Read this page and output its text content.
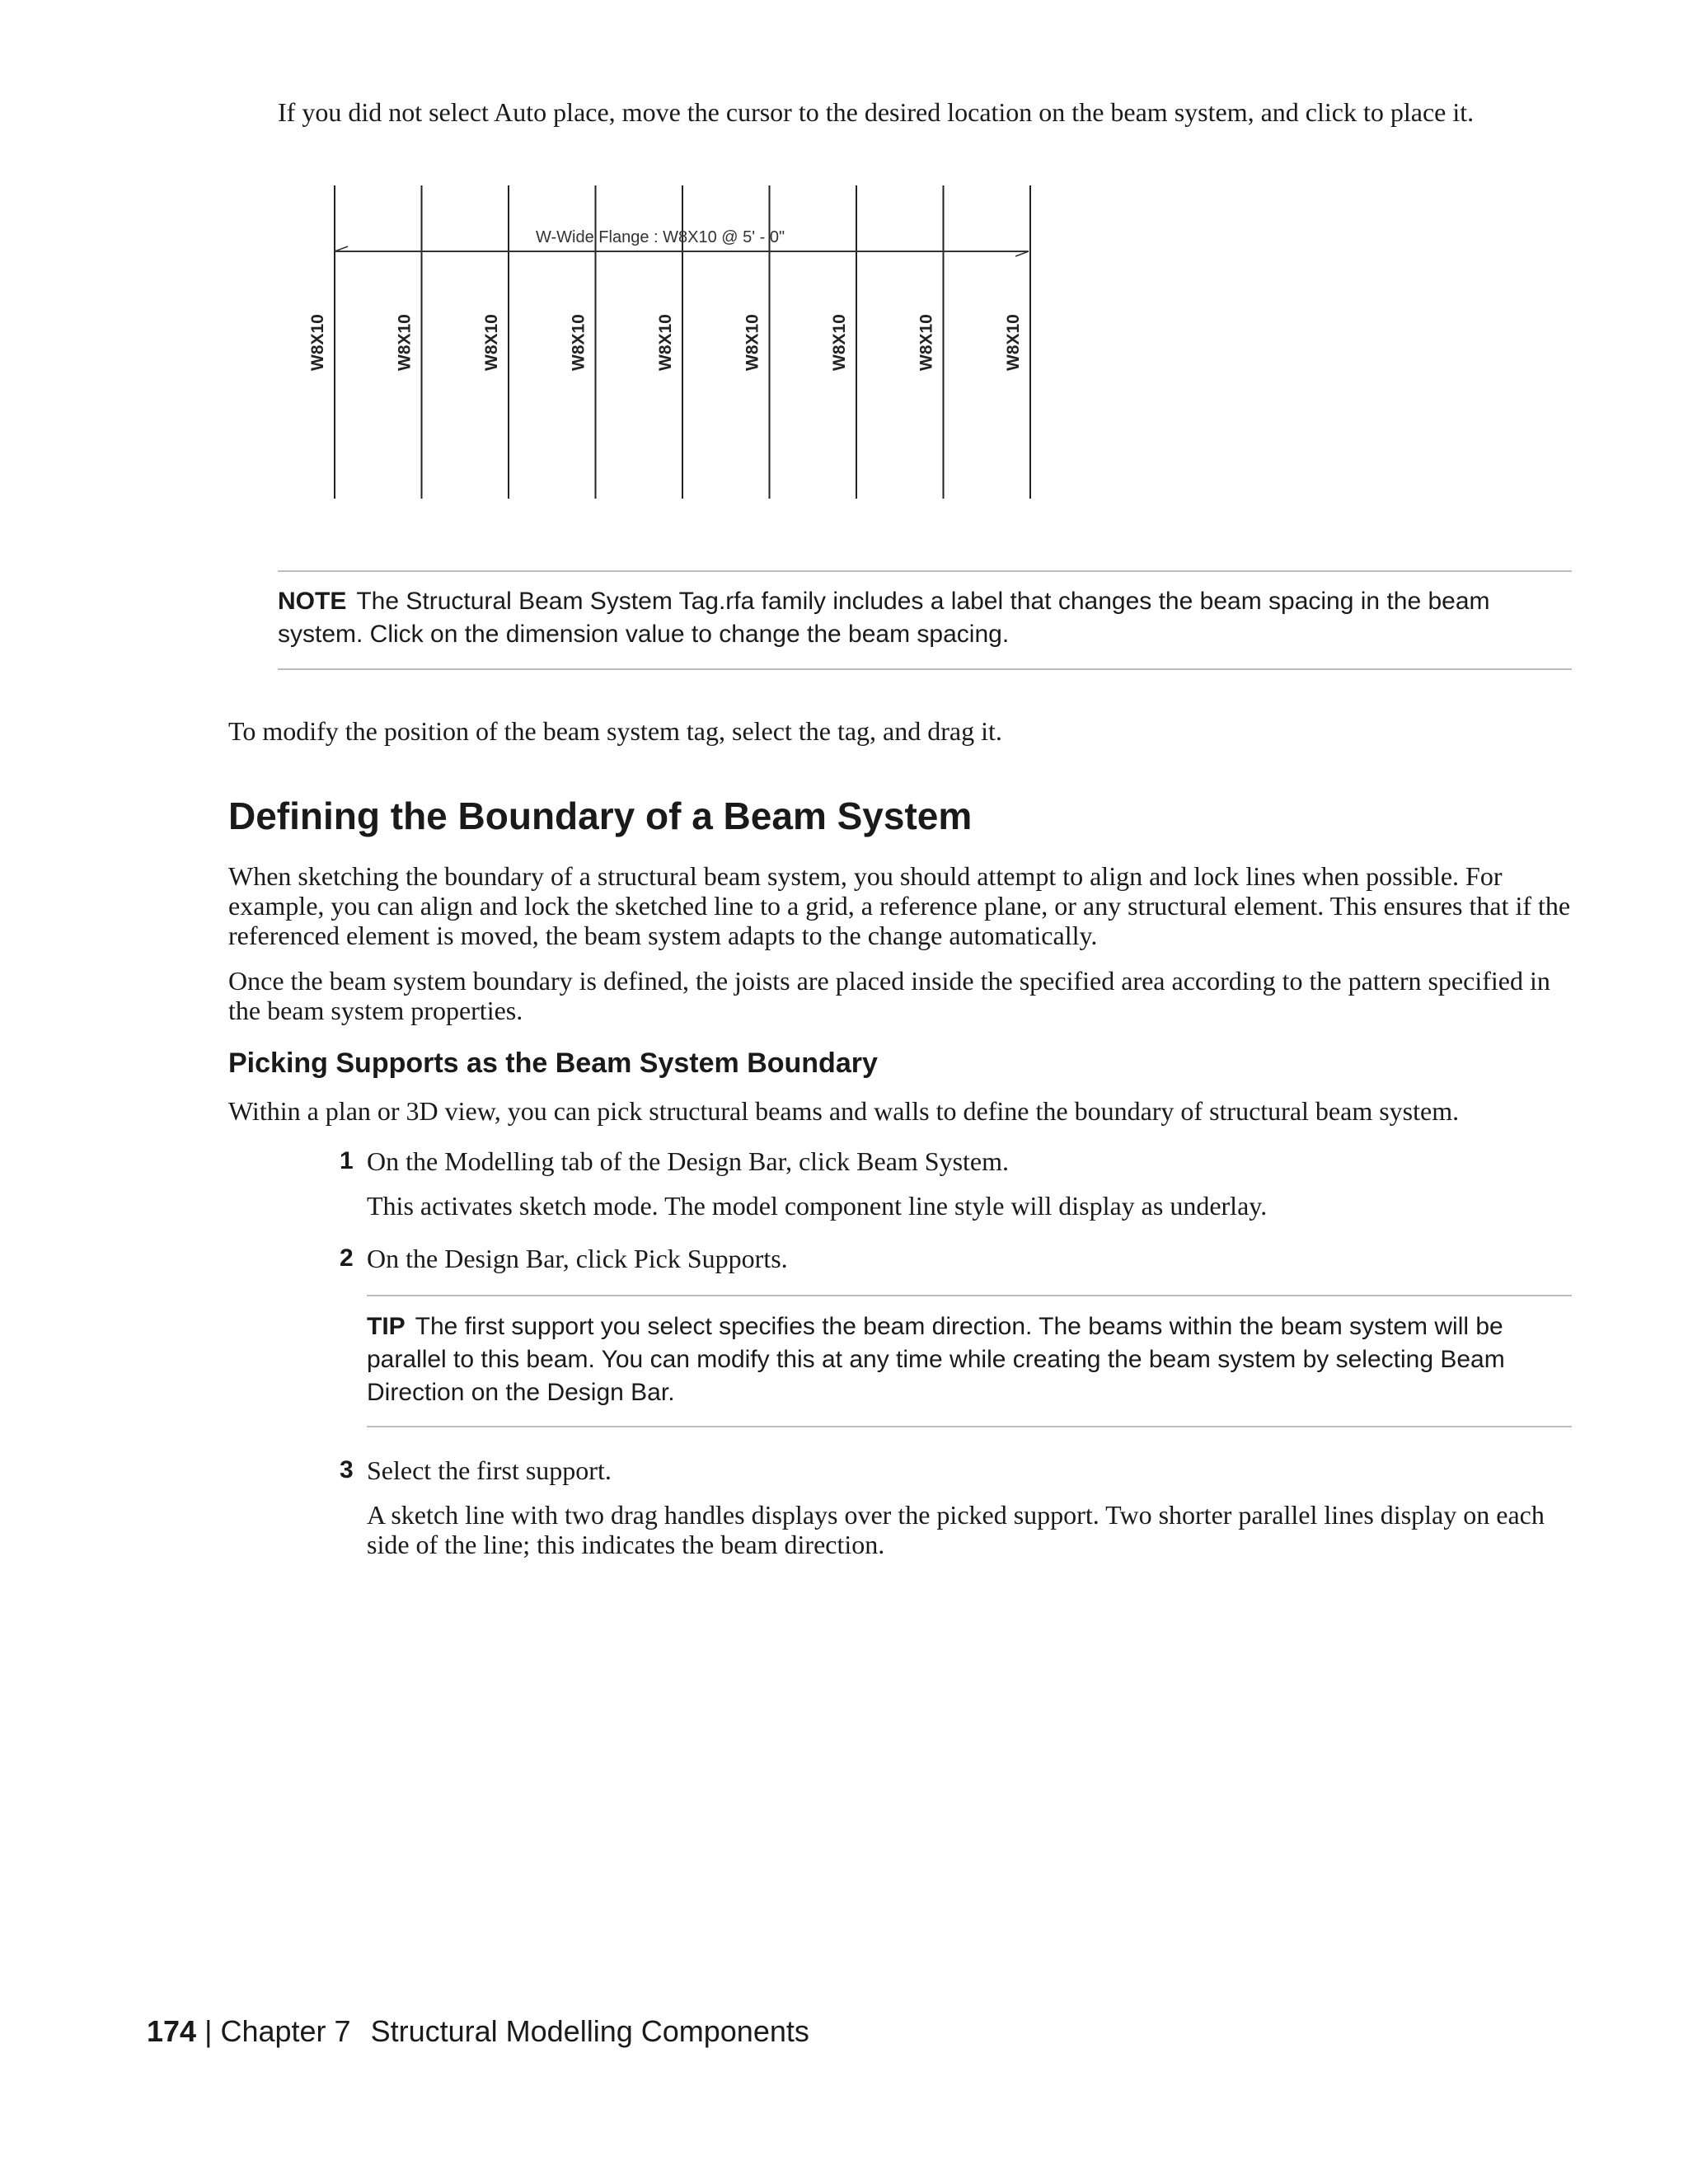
If you did not select Auto place, move the cursor to the desired location on the beam system, and click to place it.
W-Wide Flange : W8X10 @ 5' - 0"
W8X10	W8X10	W8X10	W8X10	W8X10	W8X10	W8X10	W8X10	W8X10
NOTE The Structural Beam System Tag.rfa family includes a label that changes the beam spacing in the beam system. Click on the dimension value to change the beam spacing.
To modify the position of the beam system tag, select the tag, and drag it.
Defining the Boundary of a Beam System
When sketching the boundary of a structural beam system, you should attempt to align and lock lines when possible. For example, you can align and lock the sketched line to a grid, a reference plane, or any structural element. This ensures that if the referenced element is moved, the beam system adapts to the change automatically.
Once the beam system boundary is defined, the joists are placed inside the specified area according to the pattern specified in the beam system properties.
Picking Supports as the Beam System Boundary
Within a plan or 3D view, you can pick structural beams and walls to define the boundary of structural beam system.
1 On the Modelling tab of the Design Bar, click Beam System.
This activates sketch mode. The model component line style will display as underlay.
2 On the Design Bar, click Pick Supports.
TIP The first support you select specifies the beam direction. The beams within the beam system will be parallel to this beam. You can modify this at any time while creating the beam system by selecting Beam Direction on the Design Bar.
3 Select the first support.
A sketch line with two drag handles displays over the picked support. Two shorter parallel lines display on each side of the line; this indicates the beam direction.
174 | Chapter 7 Structural Modelling Components
